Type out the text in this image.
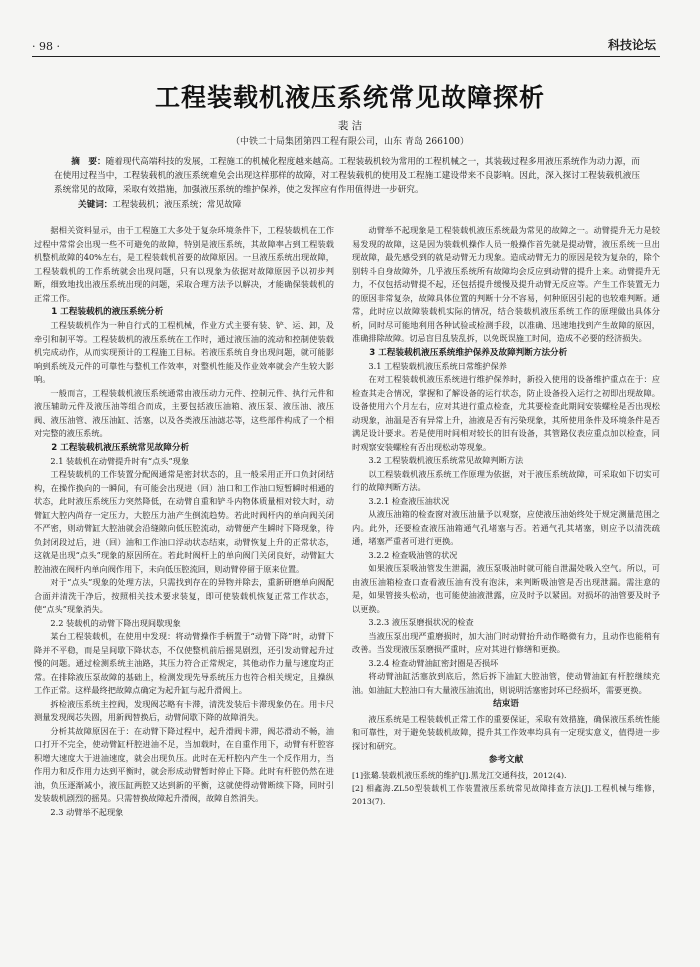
· 98 ·	科技论坛
工程装载机液压系统常见故障探析
裴 洁
（中铁二十局集团第四工程有限公司，山东 青岛 266100）
摘　要：随着现代高端科技的发展，工程施工的机械化程度越来越高。工程装载机较为常用的工程机械之一，其装载过程多用液压系统作为动力源，而在使用过程当中，工程装载机的液压系统难免会出现这样那样的故障，对工程装载机的使用及工程施工建设带来不良影响。因此，深入探讨工程装载机液压系统常见的故障，采取有效措施，加强液压系统的维护保养，使之发挥应有作用值得进一步研究。
关键词：工程装载机；液压系统；常见故障

据相关资料显示，由于工程施工大多处于复杂环境条件下，工程装载机在工作过程中常常会出现一些不可避免的故障，特别是液压系统，其故障率占到工程装载机整机故障的40%左右，是工程装载机首要的故障原因。一旦液压系统出现故障，工程装载机的工作系统就会出现问题，只有以现象为依据对故障原因予以初步判断，细致地找出液压系统出现的问题，采取合理方法予以解决，才能确保装载机的正常工作。

1 工程装载机的液压系统分析

工程装载机作为一种自行式的工程机械，作业方式主要有装、铲、运、卸，及牵引和制平等。工程装载机的液压系统在工作时，通过液压油的流动和控制使装载机完成动作，从而实现预计的工程施工目标。若液压系统自身出现问题，就可能影响到系统及元件的可靠性与整机工作效率，对整机性能及作业效率就会产生较大影响。

一般而言，工程装载机液压系统通常由液压动力元件、控制元件、执行元件和液压辅助元件及液压油等组合而成，主要包括液压油箱、液压泵、液压油、液压阀、液压油管、液压油缸、活塞，以及各类液压油滤芯等，这些部件构成了一个相对完整的液压系统。

2 工程装载机液压系统常见故障分析
2.1 装载机在动臂提升时有“点头”现象

工程装载机的工作装置分配阀通常是密封状态的，且一般采用正开口负封闭结构，在操作换向的一瞬间，有可能会出现进（回）油口和工作油口短暂瞬时相通的状态，此时液压系统压力突然降低，在动臂自重和铲斗内物体质量相对较大时，动臂缸大腔内尚存一定压力，大腔压力油产生倒流趋势。若此时阀杆内的单向阀关闭不严密，则动臂缸大腔油就会沿缝隙向低压腔流动，动臂便产生瞬时下降现象，待负封闭段过后，进（回）油和工作油口浮动状态结束，动臂恢复上升的正常状态，这就是出现“点头”现象的原因所在。若此时阀杆上的单向阀门关闭良好，动臂缸大腔油液在阀杆内单向阀作用下，未向低压腔流回，则动臂停留于原来位置。

对于“点头”现象的处理方法，只需找到存在的异物并除去，重新研磨单向阀配合面并清洗干净后，按照相关技术要求装复，即可使装载机恢复正常工作状态，使“点头”现象消失。

2.2 装载机的动臂下降出现间歇现象

某台工程装载机，在使用中发现：将动臂操作手柄置于“动臂下降”时，动臂下降并不平稳，而是呈间歇下降状态，不仅使整机前后摇晃剧烈，还引发动臂起升过慢的问题。通过检测系统主油路，其压力符合正常规定，其他动作力量与速度均正常。在排除液压泵故障的基础上，检测发现先导系统压力也符合相关规定，且操纵工作正常。这样最终把故障点确定为起升缸与起升滑阀上。

拆检液压系统主控阀，发现阀芯略有卡滞，清洗发装后卡滞现象仍在。用卡尺测量发现阀芯失圆，用新阀替换后，动臂间歇下降的故障消失。

分析其故障原因在于：在动臂下降过程中，起升滑阀卡滞，阀芯滑动不畅，油口打开不完全，使动臂缸杆腔进油不足，当加载时，在自重作用下，动臂有杆腔容积增大速度大于进油速度，就会出现负压。此时在无杆腔内产生一个反作用力，当作用力和反作用力达到平衡时，就会形成动臂暂时停止下降。此时有杆腔仍然在进油，负压逐渐减小，液压缸两腔又达到新的平衡，这就使得动臂断续下降，同时引发装载机剧烈的摇晃。只需替换故障起升滑阀，故障自然消失。

2.3 动臂举不起现象

动臂举不起现象是工程装载机液压系统最为常见的故障之一。动臂提升无力是较易发现的故障，这是因为装载机操作人员一般操作首先就是提动臂，液压系统一旦出现故障，最先感受到的就是动臂无力现象。造成动臂无力的原因是较为复杂的，除个别转斗自身故障外，几乎液压系统所有故障均会反应到动臂的提升上来。动臂提升无力，不仅包括动臂提不起，还包括提升缓慢及提升动臂无反应等。产生工作装置无力的原因非常复杂，故障具体位置的判断十分不容易，何种原因引起的也较难判断。通常，此时应以故障装载机实际的情况，结合装载机液压系统工作的原理做出具体分析，同时尽可能地利用各种试验或检测手段，以准确、迅速地找到产生故障的原因，准确排除故障。切忌盲目乱装乱拆，以免既误施工时间，造成不必要的经济损失。

3 工程装载机液压系统维护保养及故障判断方法分析
3.1 工程装载机液压系统日常维护保养

在对工程装载机液压系统进行维护保养时，新投入使用的设备维护重点在于：应检查其走合情况，掌握和了解设备的运行状态，防止设备投入运行之初即出现故障。设备使用六个月左右，应对其进行重点检查，尤其要检查此期间安装螺栓是否出现松动现象，油温是否有异常上升，油液是否有污染现象，其所使用条件及环境条件是否满足设计要求。若是使用时间相对较长的旧有设备，其管路仪表应重点加以检查，同时观察安装螺栓有否出现松动等现象。

3.2 工程装载机液压系统常见故障判断方法

以工程装载机液压系统工作原理为依据，对于液压系统故障，可采取如下切实可行的故障判断方法。

3.2.1 检查液压油状况

从液压油箱的检查窗对液压油量予以观察，应使液压油始终处于规定测量范围之内。此外，还要检查液压油箱通气孔堵塞与否。若通气孔其堵塞，则应予以清洗疏通，堵塞严重者可进行更换。

3.2.2 检查吸油管的状况

如果液压泵吸油管发生泄漏，液压泵吸油时就可能自泄漏处吸入空气。所以，可由液压油箱检查口查看液压油有没有泡沫，来判断吸油管是否出现泄漏。需注意的是，如果管接头松动，也可能使油液泄露，应及时予以紧固。对损坏的油管要及时予以更换。

3.2.3 液压泵磨损状况的检查

当液压泵出现严重磨损时，加大油门时动臂抬升动作略微有力，且动作也能稍有改善。当发现液压泵磨损严重时，应对其进行修缮和更换。

3.2.4 检查动臂油缸密封圈是否损坏

将动臂油缸活塞放到底后，然后拆下油缸大腔油管，使动臂油缸有杆腔继续充油。如油缸大腔油口有大量液压油流出，则说明活塞密封环已经损坏，需要更换。

结束语

液压系统是工程装载机正常工作的重要保证，采取有效措施，确保液压系统性能和可靠性，对于避免装载机故障，提升其工作效率均具有一定现实意义，值得进一步探讨和研究。

参考文献

[1]张璐.装载机液压系统的维护[J].黑龙江交通科技，2012(4).

[2] 相鑫海.ZL50型装载机工作装置液压系统常见故障排查方法[J].工程机械与维修，2013(7).
